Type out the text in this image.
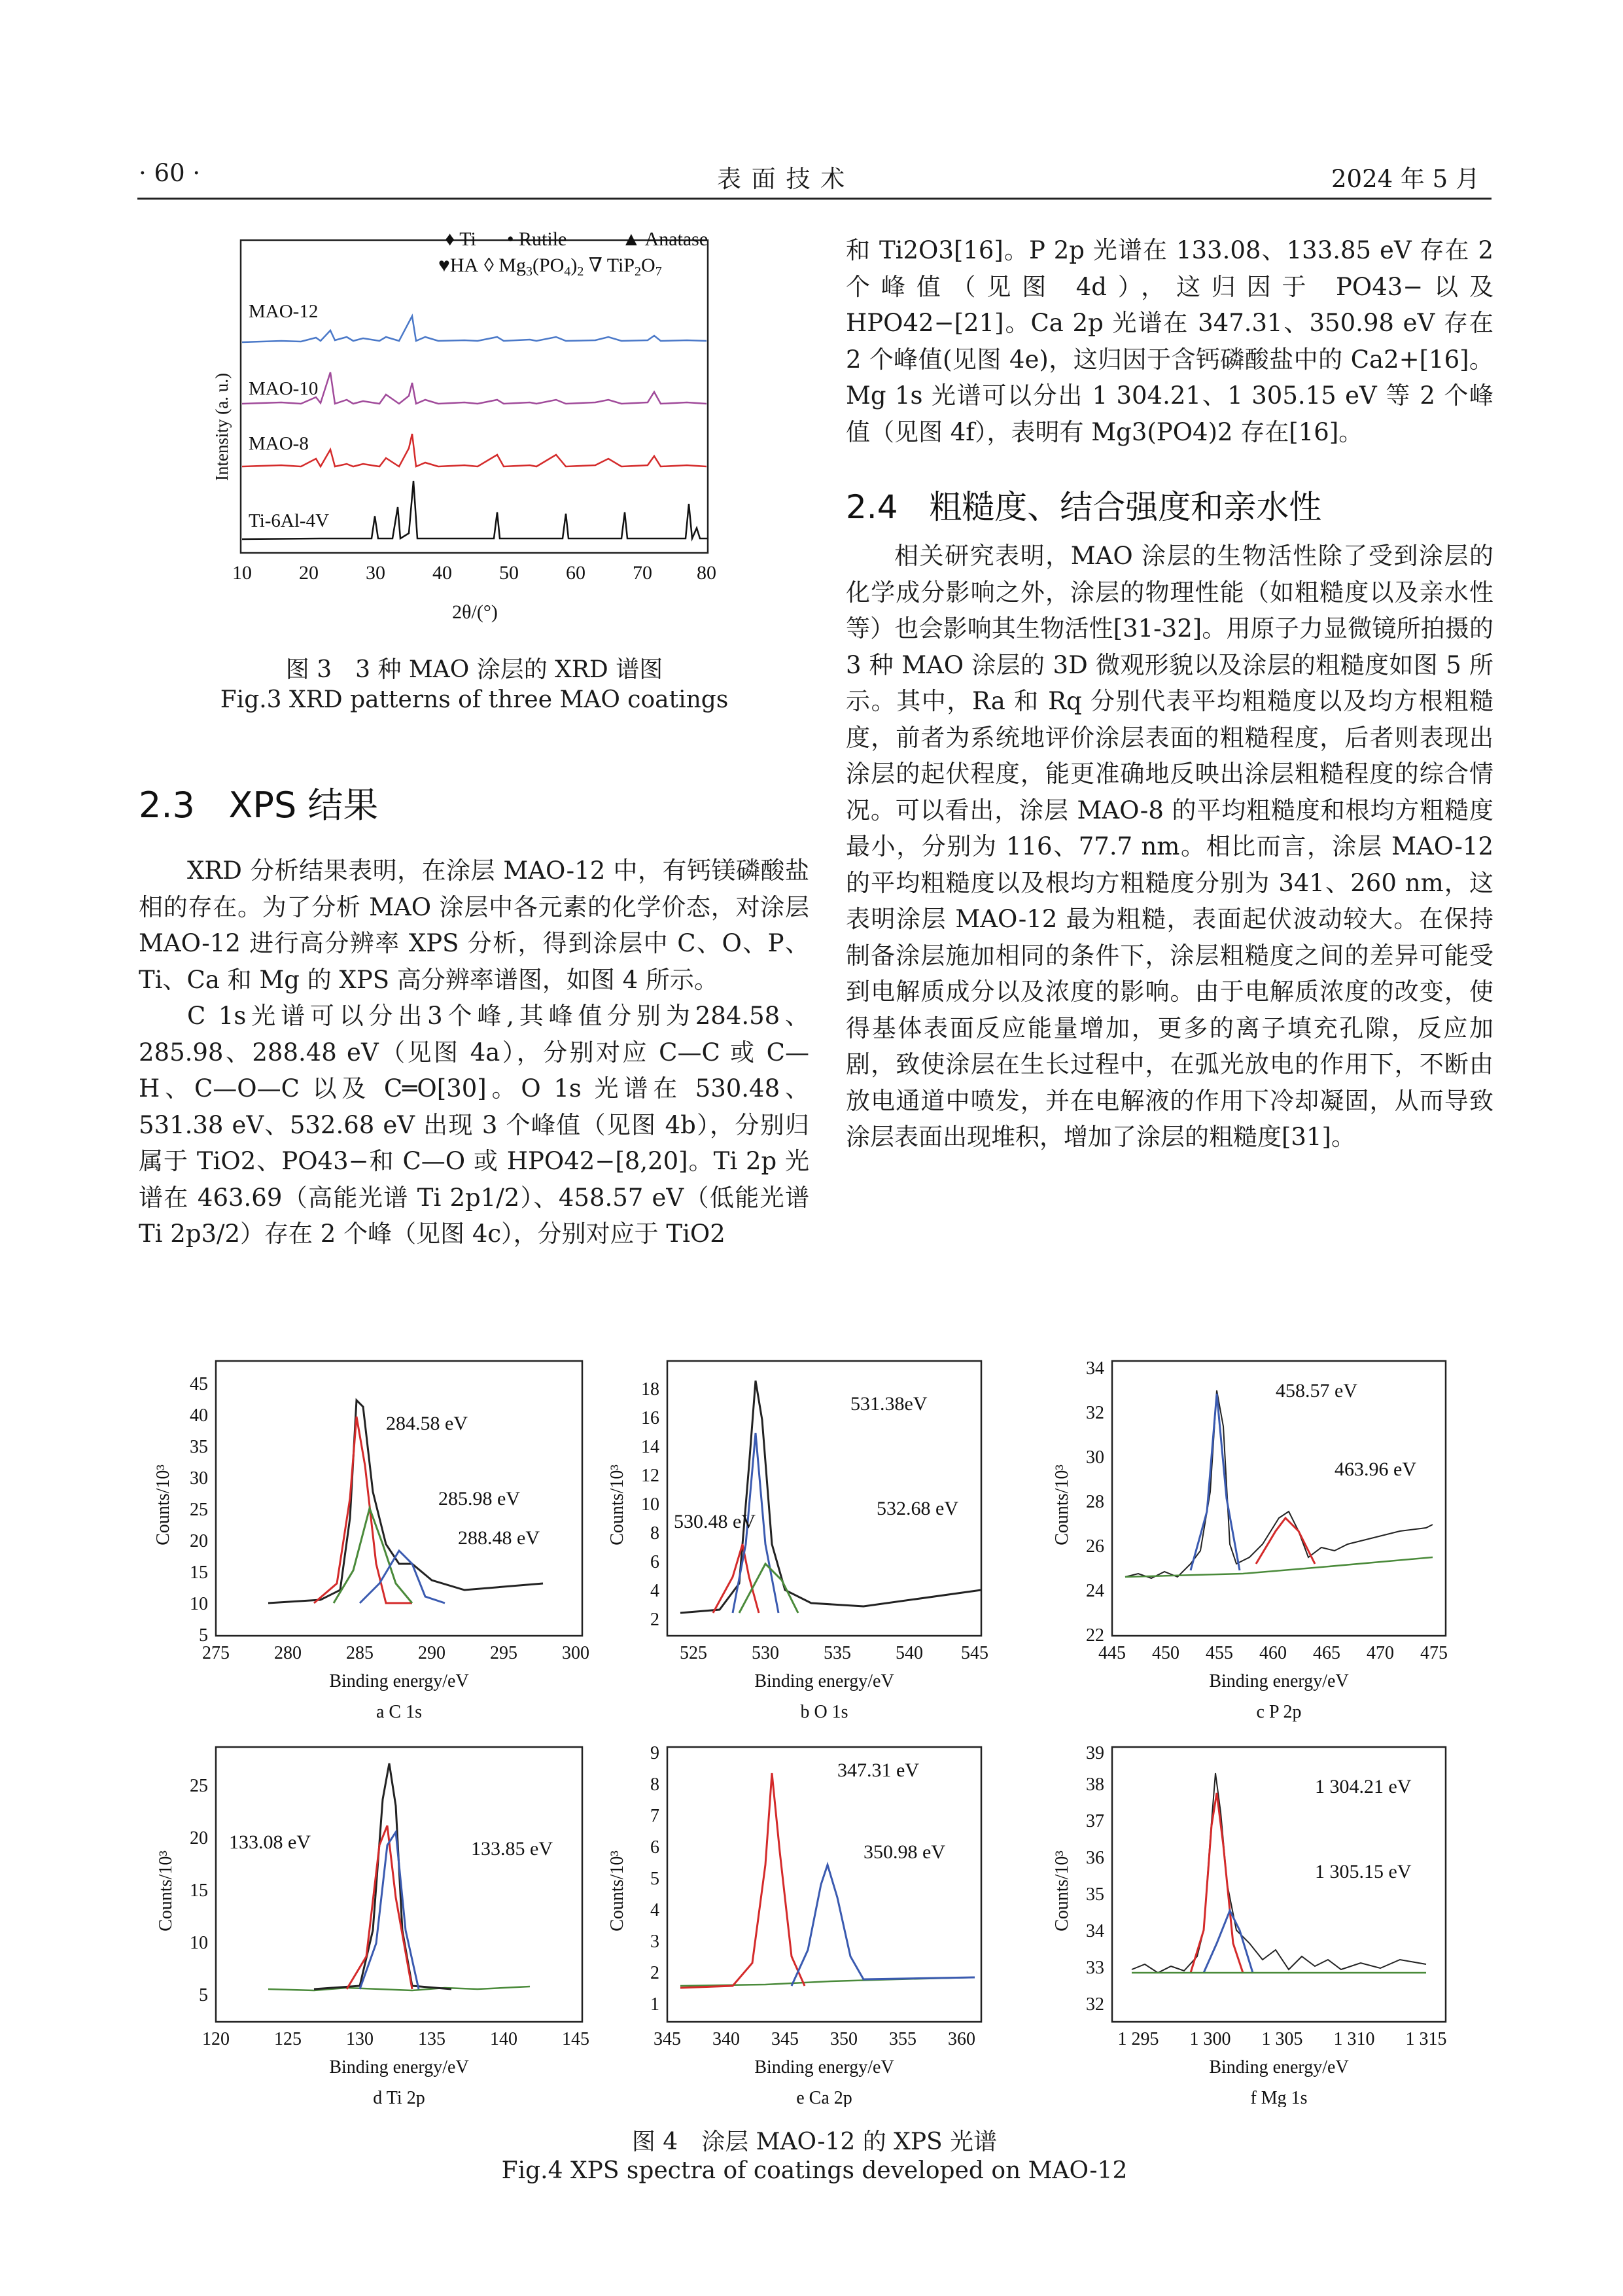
· 60 ·	表 面 技 术	2024 年 5 月
♦ Ti • Rutile	▲ Anatase
♥HA ◊ $Mg_3(PO_4)_2$ ∇ $TiP_2O_7$
MAO-12
MAO-10
MAO-8
Ti-6Al-4V
10 20 30 40 50 60 70 80
2θ/(°)
Intensity (a. u.)
图 3　3 种 MAO 涂层的 XRD 谱图
Fig.3 XRD patterns of three MAO coatings
2.3 XPS 结果

XRD 分析结果表明，在涂层 MAO-12 中，有钙镁磷酸盐相的存在。为了分析 MAO 涂层中各元素的化学价态，对涂层 MAO-12 进行高分辨率 XPS 分析，得到涂层中 C、O、P、Ti、Ca 和 Mg 的 XPS 高分辨率谱图，如图 4 所示。

C 1s光谱可以分出3个峰,其峰值分别为284.58、285.98、288.48 eV（见图 4a），分别对应 C—C 或 C—H、C—O—C 以及 C═O[30]。O 1s 光谱在 530.48、531.38 eV、532.68 eV 出现 3 个峰值（见图 4b），分别归属于 TiO2、PO43−和 C—O 或 HPO42−[8,20]。Ti 2p 光谱在 463.69（高能光谱 Ti 2p1/2）、458.57 eV（低能光谱 Ti 2p3/2）存在 2 个峰（见图 4c），分别对应于 TiO2

和 Ti2O3[16]。P 2p 光谱在 133.08、133.85 eV 存在 2 个峰值（见图 4d），这归因于 PO43−以及 HPO42−[21]。Ca 2p 光谱在 347.31、350.98 eV 存在 2 个峰值(见图 4e)，这归因于含钙磷酸盐中的 Ca2+[16]。Mg 1s 光谱可以分出 1 304.21、1 305.15 eV 等 2 个峰值（见图 4f），表明有 Mg3(PO4)2 存在[16]。

2.4 粗糙度、结合强度和亲水性

相关研究表明，MAO 涂层的生物活性除了受到涂层的化学成分影响之外，涂层的物理性能（如粗糙度以及亲水性等）也会影响其生物活性[31-32]。用原子力显微镜所拍摄的 3 种 MAO 涂层的 3D 微观形貌以及涂层的粗糙度如图 5 所示。其中，Ra 和 Rq 分别代表平均粗糙度以及均方根粗糙度，前者为系统地评价涂层表面的粗糙程度，后者则表现出涂层的起伏程度，能更准确地反映出涂层粗糙程度的综合情况。可以看出，涂层 MAO-8 的平均粗糙度和根均方粗糙度最小，分别为 116、77.7 nm。相比而言，涂层 MAO-12 的平均粗糙度以及根均方粗糙度分别为 341、260 nm，这表明涂层 MAO-12 最为粗糙，表面起伏波动较大。在保持制备涂层施加相同的条件下，涂层粗糙度之间的差异可能受到电解质成分以及浓度的影响。由于电解质浓度的改变，使得基体表面反应能量增加，更多的离子填充孔隙，反应加剧，致使涂层在生长过程中，在弧光放电的作用下，不断由放电通道中喷发，并在电解液的作用下冷却凝固，从而导致涂层表面出现堆积，增加了涂层的粗糙度[31]。

284.58 eV
285.98 eV
288.48 eV
275 280 285 290 295 300
Binding energy/eV
a C 1s
5
10
15
20
25
30
35
40
45
Counts/10³
531.38eV
530.48 eV
532.68 eV
525 530 535 540 545
Binding energy/eV
b O 1s
2
4
6
8
10
12
14
16
18
Counts/10³
458.57 eV
463.96 eV
445 450 455 460 465 470 475
Binding energy/eV
c P 2p
22
24
26
28
30
32
34
Counts/10³
133.08 eV	133.85 eV
120 125 130 135 140 145
Binding energy/eV
d Ti 2p
5
10
15
20
25
Counts/10³
347.31 eV
350.98 eV
345 340 345 350 355 360
Binding energy/eV
e Ca 2p
1
2
3
4
5
6
7
8
9
Counts/10³
1 304.21 eV
1 305.15 eV
1 295 1 300 1 305 1 310 1 315
Binding energy/eV
f Mg 1s
32
33
34
35
36
37
38
39
Counts/10³
图 4　涂层 MAO-12 的 XPS 光谱
Fig.4 XPS spectra of coatings developed on MAO-12
